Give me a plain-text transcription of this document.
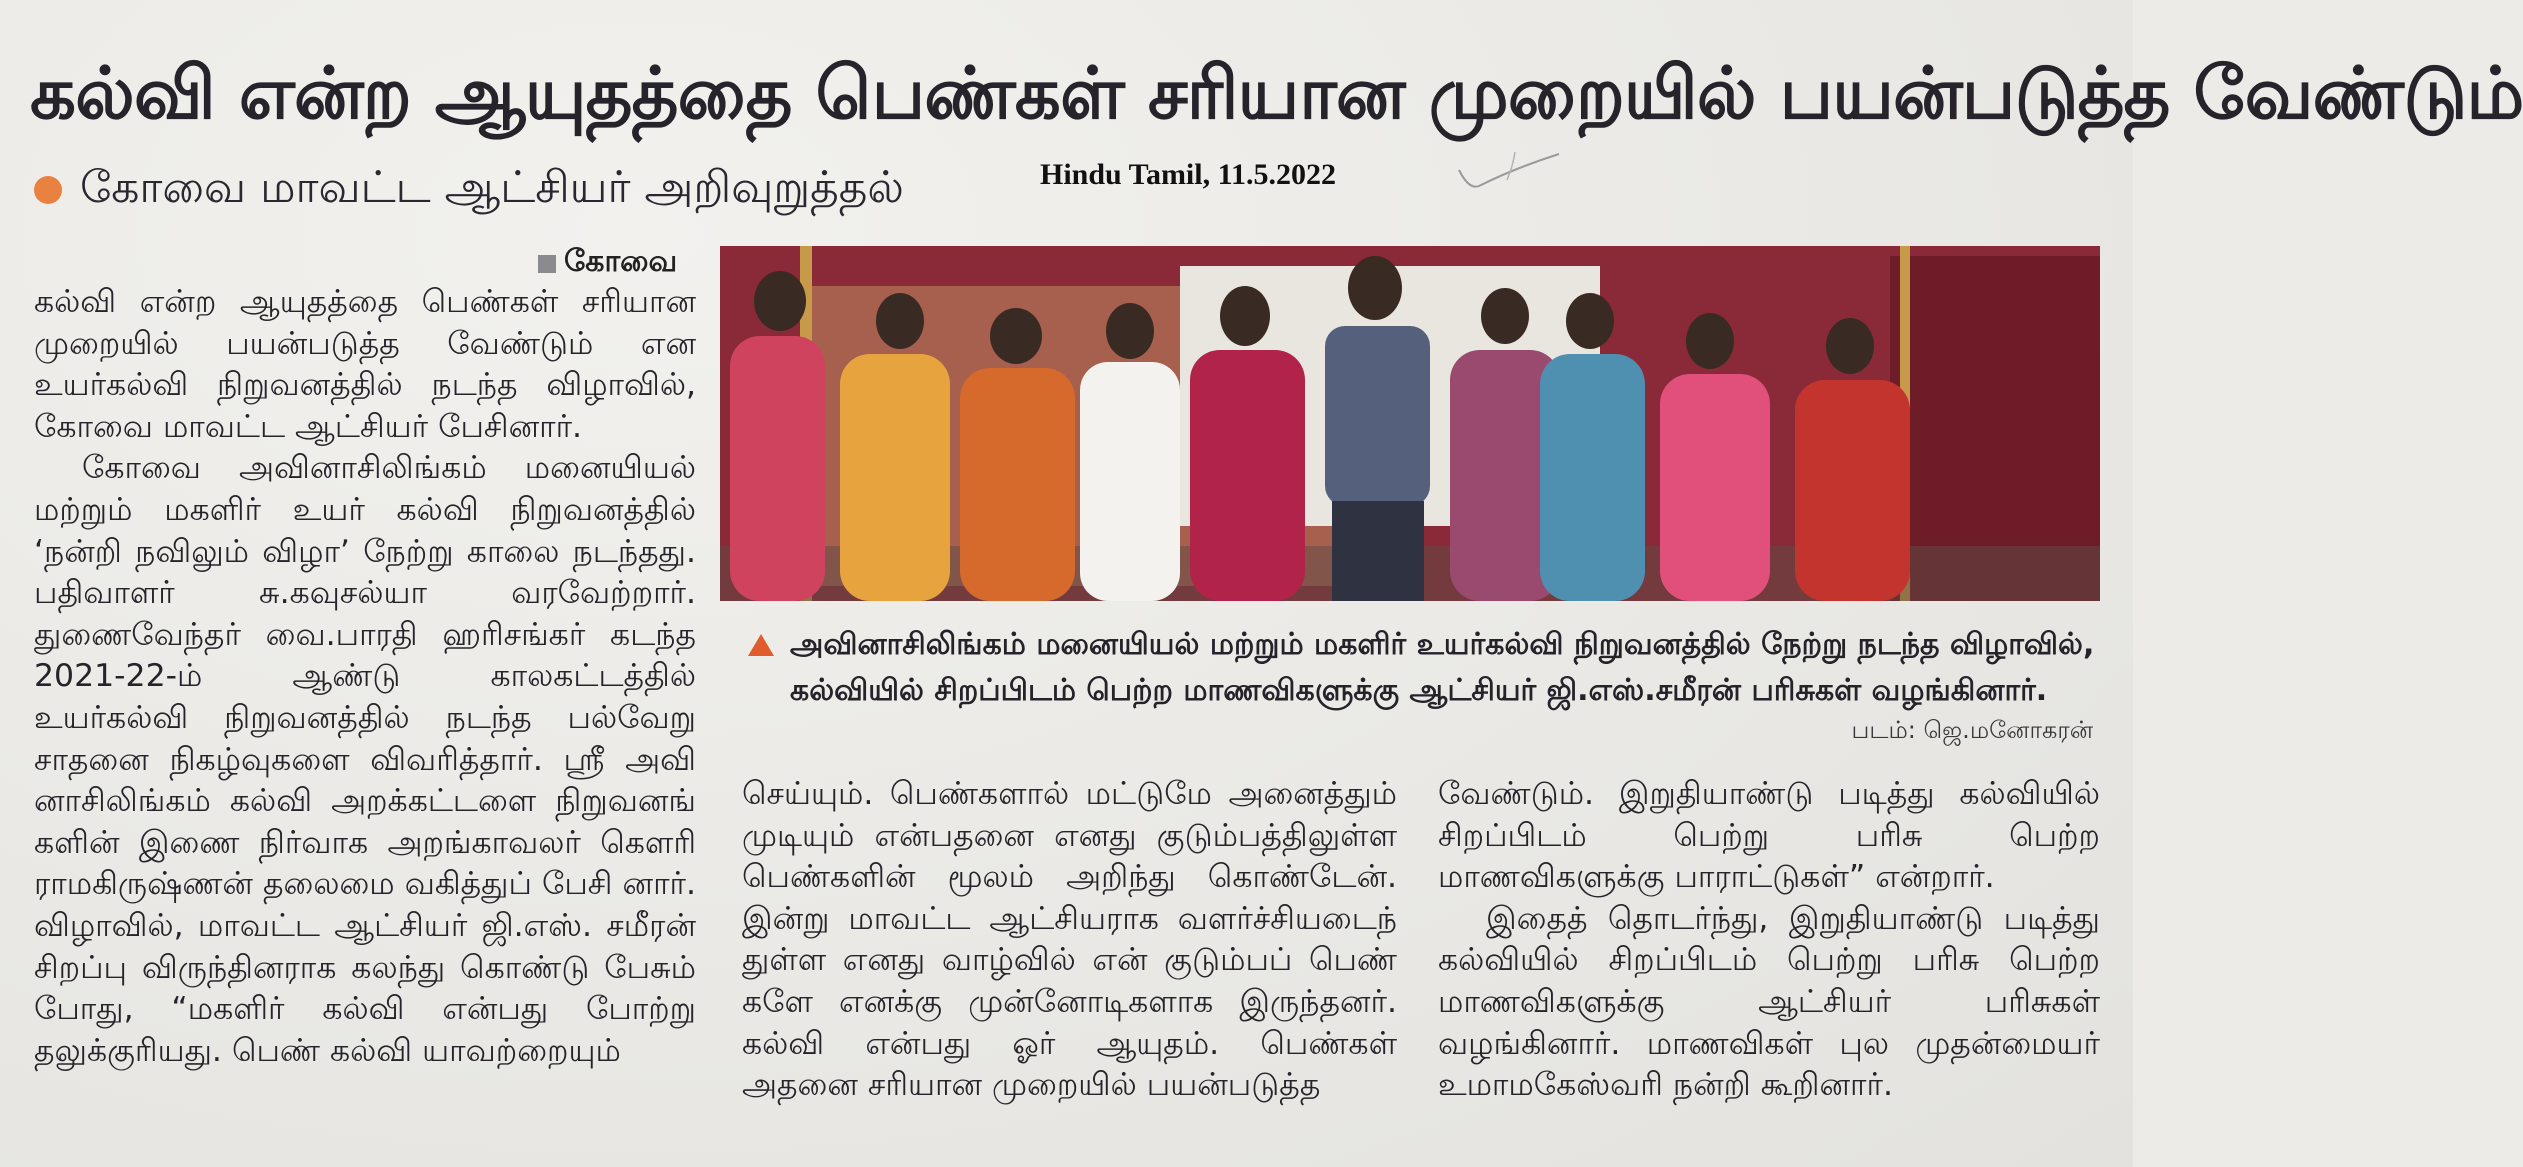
கல்வி என்ற ஆயுதத்தை பெண்கள் சரியான முறையில் பயன்படுத்த வேண்டும்
கோவை மாவட்ட ஆட்சியர் அறிவுறுத்தல்	Hindu Tamil, 11.5.2022
கோவை

கல்வி என்ற ஆயுதத்தை பெண்கள் சரியான முறையில் பயன்படுத்த வேண்டும் என உயர்கல்வி நிறுவனத்தில் நடந்த விழாவில், கோவை மாவட்ட ஆட்சியர் பேசினார்.

கோவை அவினாசிலிங்கம் மனையியல் மற்றும் மகளிர் உயர் கல்வி நிறுவனத்தில் ‘நன்றி நவிலும் விழா’ நேற்று காலை நடந்தது. பதிவாளர் சு.கவுசல்யா வரவேற்றார். துணைவேந்தர் வை.பாரதி ஹரிசங்கர் கடந்த 2021-22-ம் ஆண்டு காலகட்டத்தில் உயர்கல்வி நிறுவனத்தில் நடந்த பல்வேறு சாதனை நிகழ்வுகளை விவரித்தார். ஸ்ரீ அவி னாசிலிங்கம் கல்வி அறக்கட்டளை நிறுவனங் களின் இணை நிர்வாக அறங்காவலர் கௌரி ராமகிருஷ்ணன் தலைமை வகித்துப் பேசி னார். விழாவில், மாவட்ட ஆட்சியர் ஜி.எஸ். சமீரன் சிறப்பு விருந்தினராக கலந்து கொண்டு பேசும் போது, “மகளிர் கல்வி என்பது போற்று தலுக்குரியது. பெண் கல்வி யாவற்றையும்

அவினாசிலிங்கம் மனையியல் மற்றும் மகளிர் உயர்கல்வி நிறுவனத்தில் நேற்று நடந்த விழாவில், கல்வியில் சிறப்பிடம் பெற்ற மாணவிகளுக்கு ஆட்சியர் ஜி.எஸ்.சமீரன் பரிசுகள் வழங்கினார்.
படம்: ஜெ.மனோகரன்

செய்யும். பெண்களால் மட்டுமே அனைத்தும் முடியும் என்பதனை எனது குடும்பத்திலுள்ள பெண்களின் மூலம் அறிந்து கொண்டேன். இன்று மாவட்ட ஆட்சியராக வளர்ச்சியடைந் துள்ள எனது வாழ்வில் என் குடும்பப் பெண் களே எனக்கு முன்னோடிகளாக இருந்தனர். கல்வி என்பது ஓர் ஆயுதம். பெண்கள் அதனை சரியான முறையில் பயன்படுத்த

வேண்டும். இறுதியாண்டு படித்து கல்வியில் சிறப்பிடம் பெற்று பரிசு பெற்ற மாணவிகளுக்கு பாராட்டுகள்” என்றார்.

இதைத் தொடர்ந்து, இறுதியாண்டு படித்து கல்வியில் சிறப்பிடம் பெற்று பரிசு பெற்ற மாணவிகளுக்கு ஆட்சியர் பரிசுகள் வழங்கினார். மாணவிகள் புல முதன்மையர் உமாமகேஸ்வரி நன்றி கூறினார்.
